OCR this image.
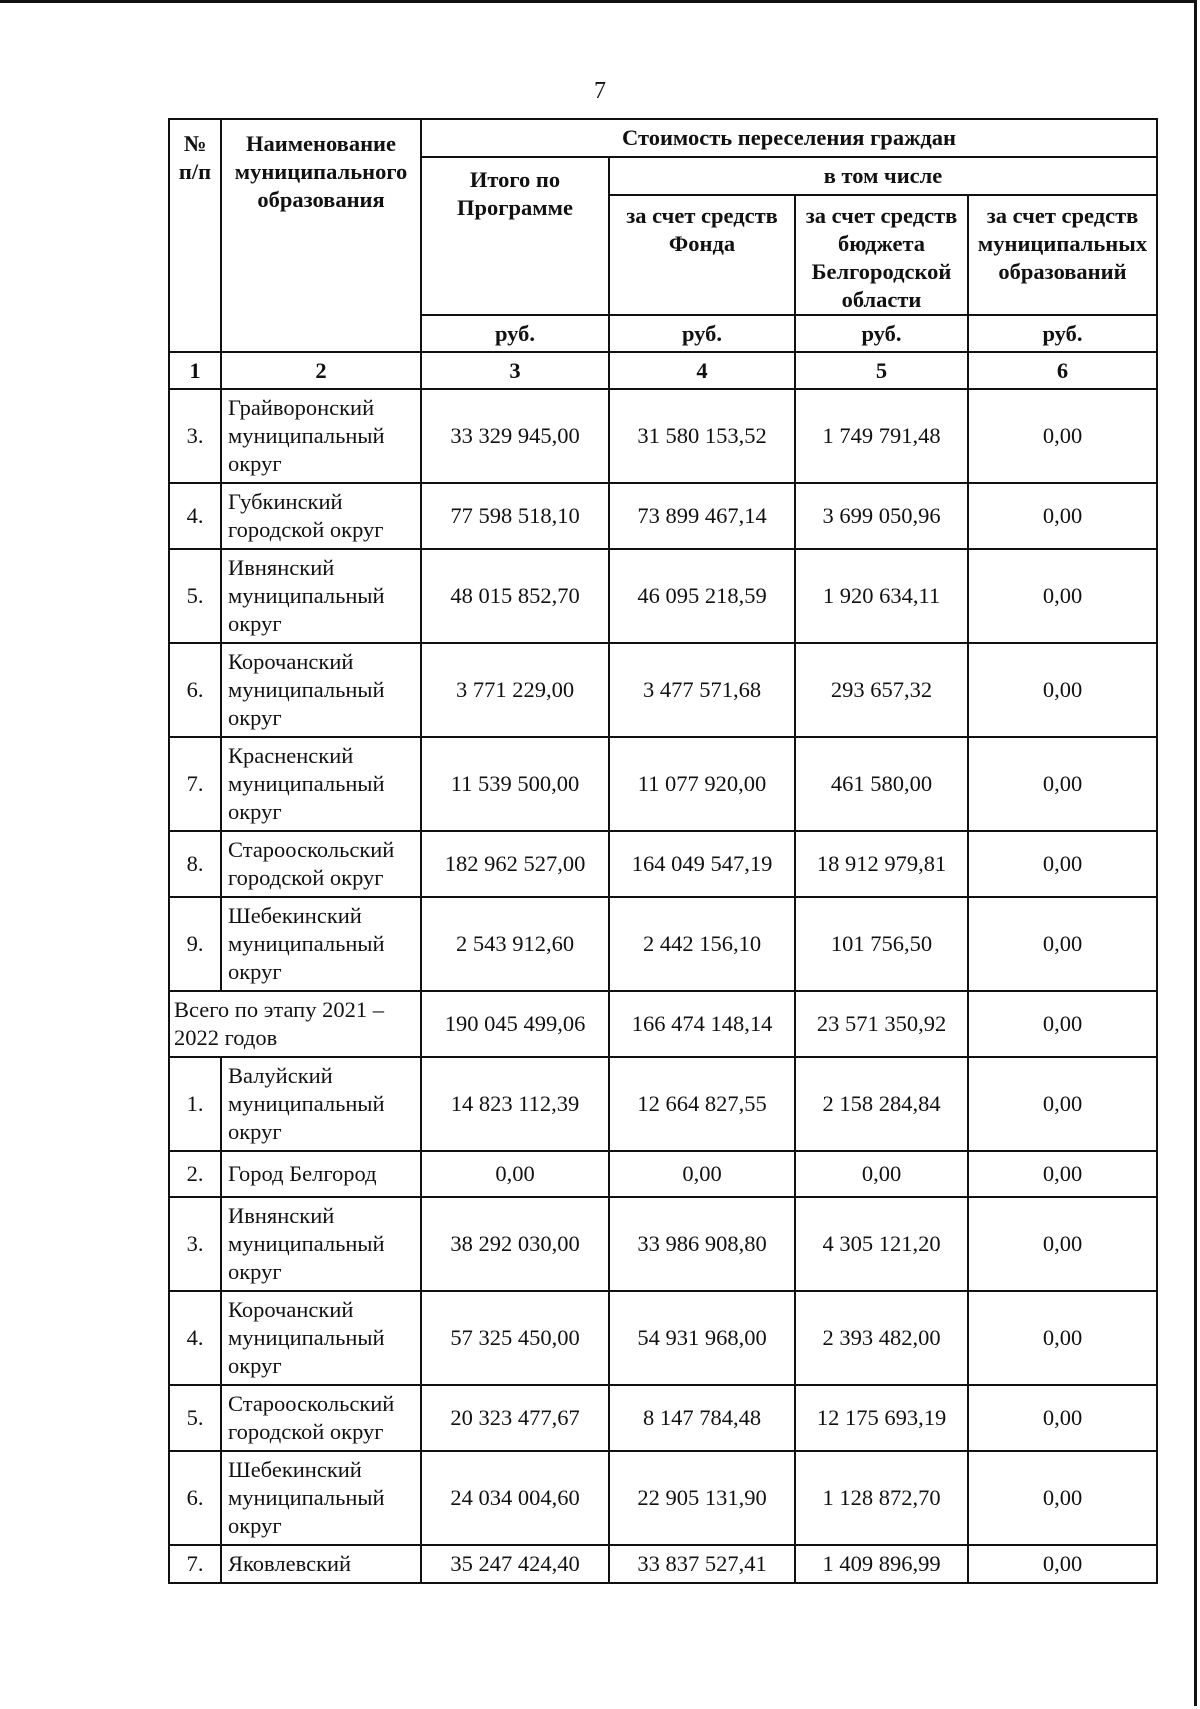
7
№ п/п	Наименование муниципального образования	Стоимость переселения граждан			
		Итого по Программе	в том числе		
			за счет средств Фонда	за счет средств бюджета Белгородской области	за счет средств муниципальных образований
		руб.	руб.	руб.	руб.
1	2	3	4	5	6
3.	Грайворонский муниципальный округ	33 329 945,00	31 580 153,52	1 749 791,48	0,00
4.	Губкинский городской округ	77 598 518,10	73 899 467,14	3 699 050,96	0,00
5.	Ивнянский муниципальный округ	48 015 852,70	46 095 218,59	1 920 634,11	0,00
6.	Корочанский муниципальный округ	3 771 229,00	3 477 571,68	293 657,32	0,00
7.	Красненский муниципальный округ	11 539 500,00	11 077 920,00	461 580,00	0,00
8.	Старооскольский городской округ	182 962 527,00	164 049 547,19	18 912 979,81	0,00
9.	Шебекинский муниципальный округ	2 543 912,60	2 442 156,10	101 756,50	0,00
Всего по этапу 2021 – 2022 годов		190 045 499,06	166 474 148,14	23 571 350,92	0,00
1.	Валуйский муниципальный округ	14 823 112,39	12 664 827,55	2 158 284,84	0,00
2.	Город Белгород	0,00	0,00	0,00	0,00
3.	Ивнянский муниципальный округ	38 292 030,00	33 986 908,80	4 305 121,20	0,00
4.	Корочанский муниципальный округ	57 325 450,00	54 931 968,00	2 393 482,00	0,00
5.	Старооскольский городской округ	20 323 477,67	8 147 784,48	12 175 693,19	0,00
6.	Шебекинский муниципальный округ	24 034 004,60	22 905 131,90	1 128 872,70	0,00
7.	Яковлевский	35 247 424,40	33 837 527,41	1 409 896,99	0,00
